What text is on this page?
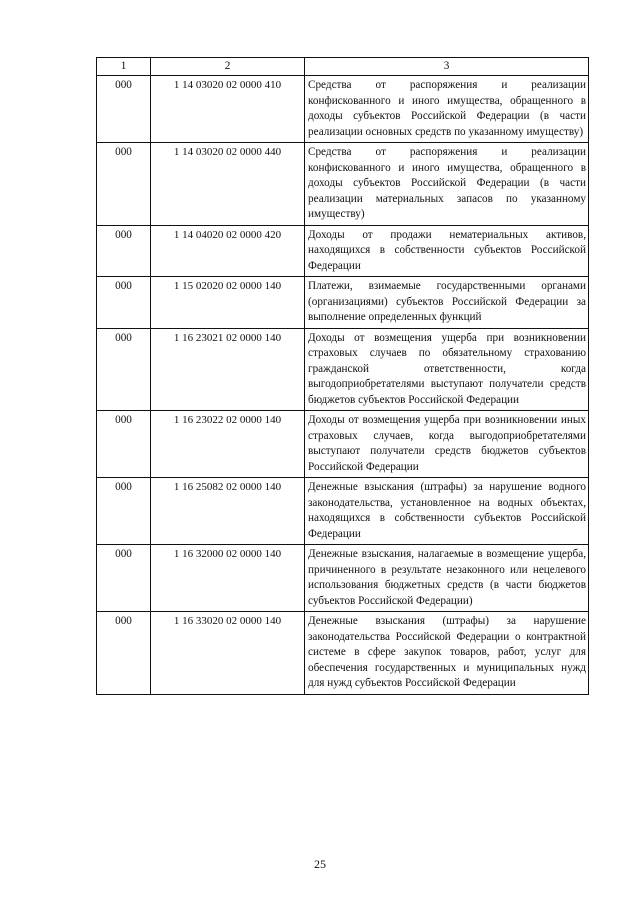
1	2	3
000	1 14 03020 02 0000 410	Средства от распоряжения и реализации конфискованного и иного имущества, обращенного в доходы субъектов Российской Федерации (в части реализации основных средств по указанному имуществу)
000	1 14 03020 02 0000 440	Средства от распоряжения и реализации конфискованного и иного имущества, обращенного в доходы субъектов Российской Федерации (в части реализации материальных запасов по указанному имуществу)
000	1 14 04020 02 0000 420	Доходы от продажи нематериальных активов, находящихся в собственности субъектов Российской Федерации
000	1 15 02020 02 0000 140	Платежи, взимаемые государственными органами (организациями) субъектов Российской Федерации за выполнение определенных функций
000	1 16 23021 02 0000 140	Доходы от возмещения ущерба при возникновении страховых случаев по обязательному страхованию гражданской ответственности, когда выгодоприобретателями выступают получатели средств бюджетов субъектов Российской Федерации
000	1 16 23022 02 0000 140	Доходы от возмещения ущерба при возникновении иных страховых случаев, когда выгодоприобретателями выступают получатели средств бюджетов субъектов Российской Федерации
000	1 16 25082 02 0000 140	Денежные взыскания (штрафы) за нарушение водного законодательства, установленное на водных объектах, находящихся в собственности субъектов Российской Федерации
000	1 16 32000 02 0000 140	Денежные взыскания, налагаемые в возмещение ущерба, причиненного в результате незаконного или нецелевого использования бюджетных средств (в части бюджетов субъектов Российской Федерации)
000	1 16 33020 02 0000 140	Денежные взыскания (штрафы) за нарушение законодательства Российской Федерации о контрактной системе в сфере закупок товаров, работ, услуг для обеспечения государственных и муниципальных нужд для нужд субъектов Российской Федерации
25
